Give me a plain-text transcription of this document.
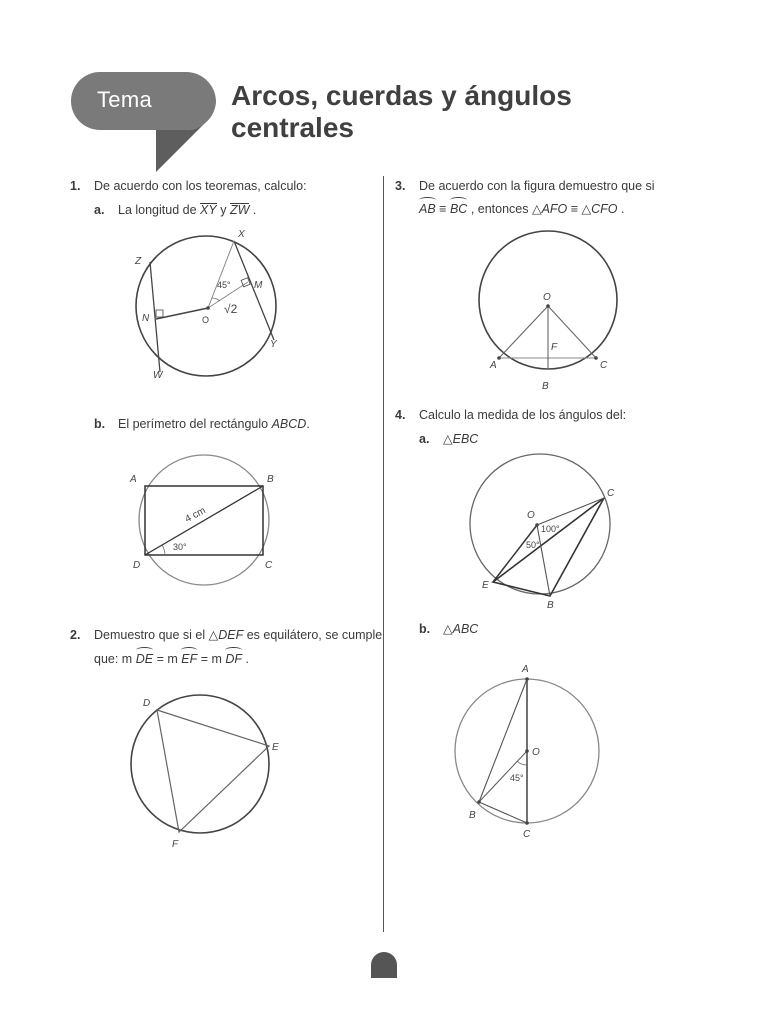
Tema	Arcos, cuerdas y ángulos
centrales
1. De acuerdo con los teoremas, calculo:
a. La longitud de XY y ZW .
X
Z
M
N	O
Y
W
45°
√2
b. El perímetro del rectángulo ABCD.
A	B
C
D
4 cm
30°
2. Demuestro que si el △DEF es equilátero, se cumple
que: m DE = m EF = m DF .
D
E
F
3. De acuerdo con la figura demuestro que si
AB ≡ BC , entonces △AFO ≡ △CFO .
O
F
A
B
C
4. Calculo la medida de los ángulos del:
a. △EBC
O
C
E
B
100°
50°
b. △ABC
A
O
B
C
45°
